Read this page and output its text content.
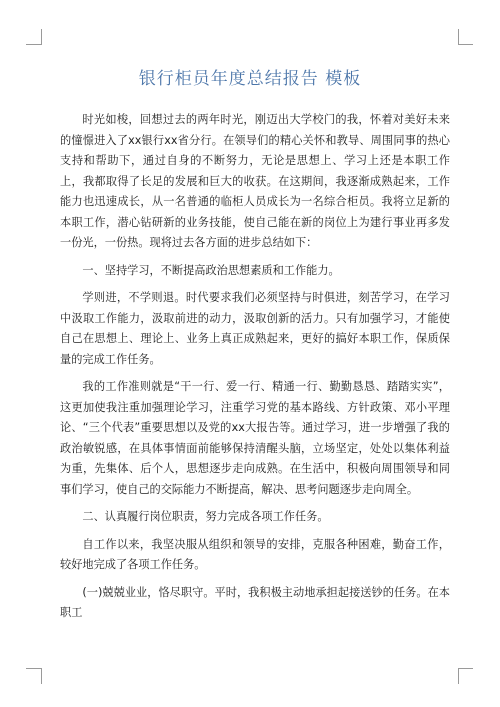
银行柜员年度总结报告 模板

时光如梭，回想过去的两年时光，刚迈出大学校门的我，怀着对美好未来的憧憬进入了xx银行xx省分行。在领导们的精心关怀和教导、周围同事的热心支持和帮助下，通过自身的不断努力，无论是思想上、学习上还是本职工作上，我都取得了长足的发展和巨大的收获。在这期间，我逐渐成熟起来，工作能力也迅速成长，从一名普通的临柜人员成长为一名综合柜员。我将立足新的本职工作，潜心钻研新的业务技能，使自己能在新的岗位上为建行事业再多发一份光，一份热。现将过去各方面的进步总结如下：

一、坚持学习，不断提高政治思想素质和工作能力。

学则进，不学则退。时代要求我们必须坚持与时俱进，刻苦学习，在学习中汲取工作能力，汲取前进的动力，汲取创新的活力。只有加强学习，才能使自己在思想上、理论上、业务上真正成熟起来，更好的搞好本职工作，保质保量的完成工作任务。

我的工作准则就是“干一行、爱一行、精通一行、勤勤恳恳、踏踏实实”，这更加使我注重加强理论学习，注重学习党的基本路线、方针政策、邓小平理论、“三个代表”重要思想以及党的xx大报告等。通过学习，进一步增强了我的政治敏锐感，在具体事情面前能够保持清醒头脑，立场坚定，处处以集体利益为重，先集体、后个人，思想逐步走向成熟。在生活中，积极向周围领导和同事们学习，使自己的交际能力不断提高，解决、思考问题逐步走向周全。

二、认真履行岗位职责，努力完成各项工作任务。

自工作以来，我坚决服从组织和领导的安排，克服各种困难，勤奋工作，较好地完成了各项工作任务。

(一)兢兢业业，恪尽职守。平时，我积极主动地承担起接送钞的任务。在本职工
